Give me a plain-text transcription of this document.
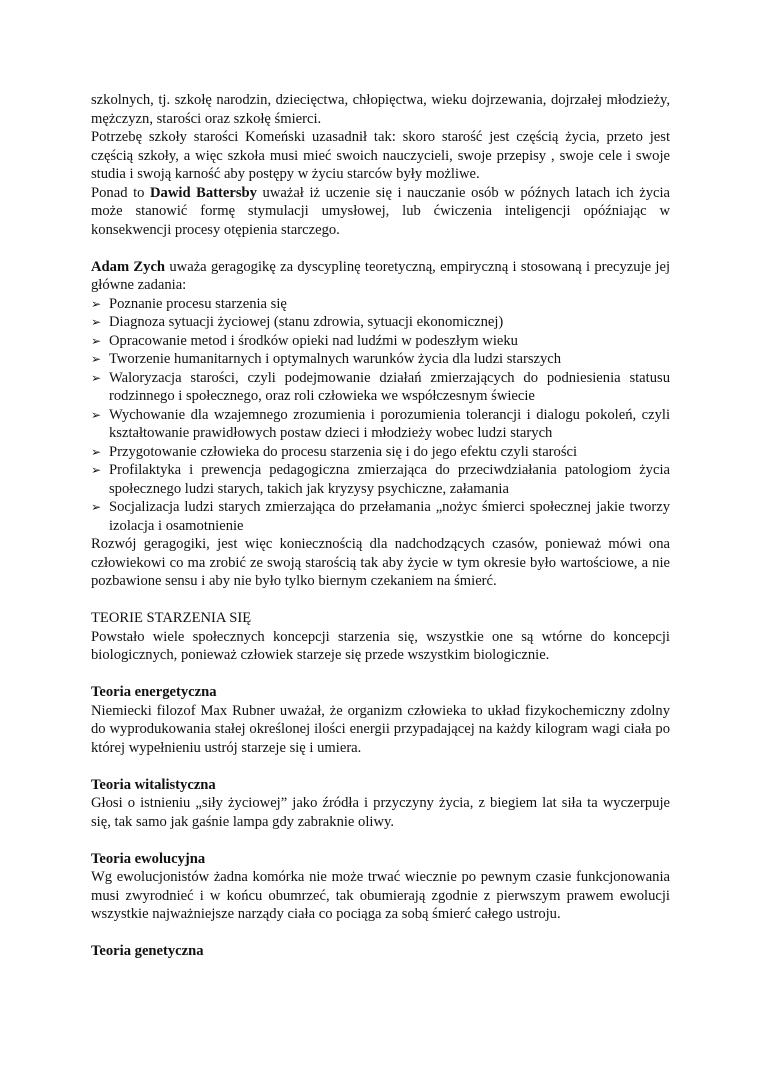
szkolnych, tj. szkołę narodzin, dziecięctwa, chłopięctwa, wieku dojrzewania, dojrzałej młodzieży, mężczyzn, starości oraz szkołę śmierci.

Potrzebę szkoły starości Komeński uzasadnił tak: skoro starość jest częścią życia, przeto jest częścią szkoły, a więc szkoła musi mieć swoich nauczycieli, swoje przepisy , swoje cele i swoje studia i swoją karność aby postępy w życiu starców były możliwe.

Ponad to Dawid Battersby uważał iż uczenie się i nauczanie osób w późnych latach ich życia może stanowić formę stymulacji umysłowej, lub ćwiczenia inteligencji opóźniając w konsekwencji procesy otępienia starczego.

Adam Zych uważa geragogikę za dyscyplinę teoretyczną, empiryczną i stosowaną i precyzuje jej główne zadania:

➢ Poznanie procesu starzenia się
➢ Diagnoza sytuacji życiowej (stanu zdrowia, sytuacji ekonomicznej)
➢ Opracowanie metod i środków opieki nad ludźmi w podeszłym wieku
➢ Tworzenie humanitarnych i optymalnych warunków życia dla ludzi starszych
➢ Waloryzacja starości, czyli podejmowanie działań zmierzających do podniesienia statusu rodzinnego i społecznego, oraz roli człowieka we współczesnym świecie
➢ Wychowanie dla wzajemnego zrozumienia i porozumienia tolerancji i dialogu pokoleń, czyli kształtowanie prawidłowych postaw dzieci i młodzieży wobec ludzi starych
➢ Przygotowanie człowieka do procesu starzenia się i do jego efektu czyli starości
➢ Profilaktyka i prewencja pedagogiczna zmierzająca do przeciwdziałania patologiom życia społecznego ludzi starych, takich jak kryzysy psychiczne, załamania
➢ Socjalizacja ludzi starych zmierzająca do przełamania „nożyc śmierci społecznej jakie tworzy izolacja i osamotnienie

Rozwój geragogiki, jest więc koniecznością dla nadchodzących czasów, ponieważ mówi ona człowiekowi co ma zrobić ze swoją starością tak aby życie w tym okresie było wartościowe, a nie pozbawione sensu i aby nie było tylko biernym czekaniem na śmierć.

TEORIE STARZENIA SIĘ

Powstało wiele społecznych koncepcji starzenia się, wszystkie one są wtórne do koncepcji biologicznych, ponieważ człowiek starzeje się przede wszystkim biologicznie.

Teoria energetyczna

Niemiecki filozof Max Rubner uważał, że organizm człowieka to układ fizykochemiczny zdolny do wyprodukowania stałej określonej ilości energii przypadającej na każdy kilogram wagi ciała po której wypełnieniu ustrój starzeje się i umiera.

Teoria witalistyczna

Głosi o istnieniu „siły życiowej” jako źródła i przyczyny życia, z biegiem lat siła ta wyczerpuje się, tak samo jak gaśnie lampa gdy zabraknie oliwy.

Teoria ewolucyjna

Wg ewolucjonistów żadna komórka nie może trwać wiecznie po pewnym czasie funkcjonowania musi zwyrodnieć i w końcu obumrzeć, tak obumierają zgodnie z pierwszym prawem ewolucji wszystkie najważniejsze narządy ciała co pociąga za sobą śmierć całego ustroju.

Teoria genetyczna
